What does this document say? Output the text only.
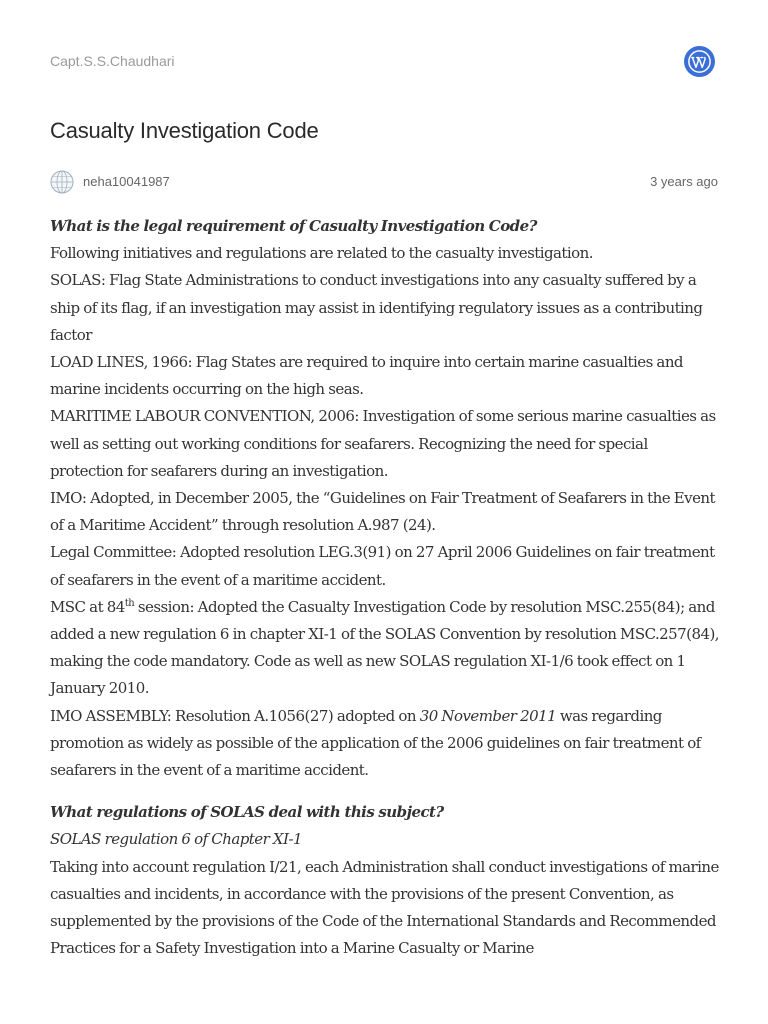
Capt.S.S.Chaudhari
Casualty Investigation Code
neha10041987	3 years ago

What is the legal requirement of Casualty Investigation Code?

Following initiatives and regulations are related to the casualty investigation.

SOLAS: Flag State Administrations to conduct investigations into any casualty suffered by a ship of its flag, if an investigation may assist in identifying regulatory issues as a contributing factor

LOAD LINES, 1966: Flag States are required to inquire into certain marine casualties and marine incidents occurring on the high seas.

MARITIME LABOUR CONVENTION, 2006: Investigation of some serious marine casualties as well as setting out working conditions for seafarers. Recognizing the need for special protection for seafarers during an investigation.

IMO: Adopted, in December 2005, the “Guidelines on Fair Treatment of Seafarers in the Event of a Maritime Accident” through resolution A.987 (24).

Legal Committee: Adopted resolution LEG.3(91) on 27 April 2006 Guidelines on fair treatment of seafarers in the event of a maritime accident.

MSC at 84th session: Adopted the Casualty Investigation Code by resolution MSC.255(84); and added a new regulation 6 in chapter XI-1 of the SOLAS Convention by resolution MSC.257(84), making the code mandatory. Code as well as new SOLAS regulation XI-1/6 took effect on 1 January 2010.

IMO ASSEMBLY: Resolution A.1056(27) adopted on 30 November 2011 was regarding promotion as widely as possible of the application of the 2006 guidelines on fair treatment of seafarers in the event of a maritime accident.

What regulations of SOLAS deal with this subject?

SOLAS regulation 6 of Chapter XI-1

Taking into account regulation I/21, each Administration shall conduct investigations of marine casualties and incidents, in accordance with the provisions of the present Convention, as supplemented by the provisions of the Code of the International Standards and Recommended Practices for a Safety Investigation into a Marine Casualty or Marine
